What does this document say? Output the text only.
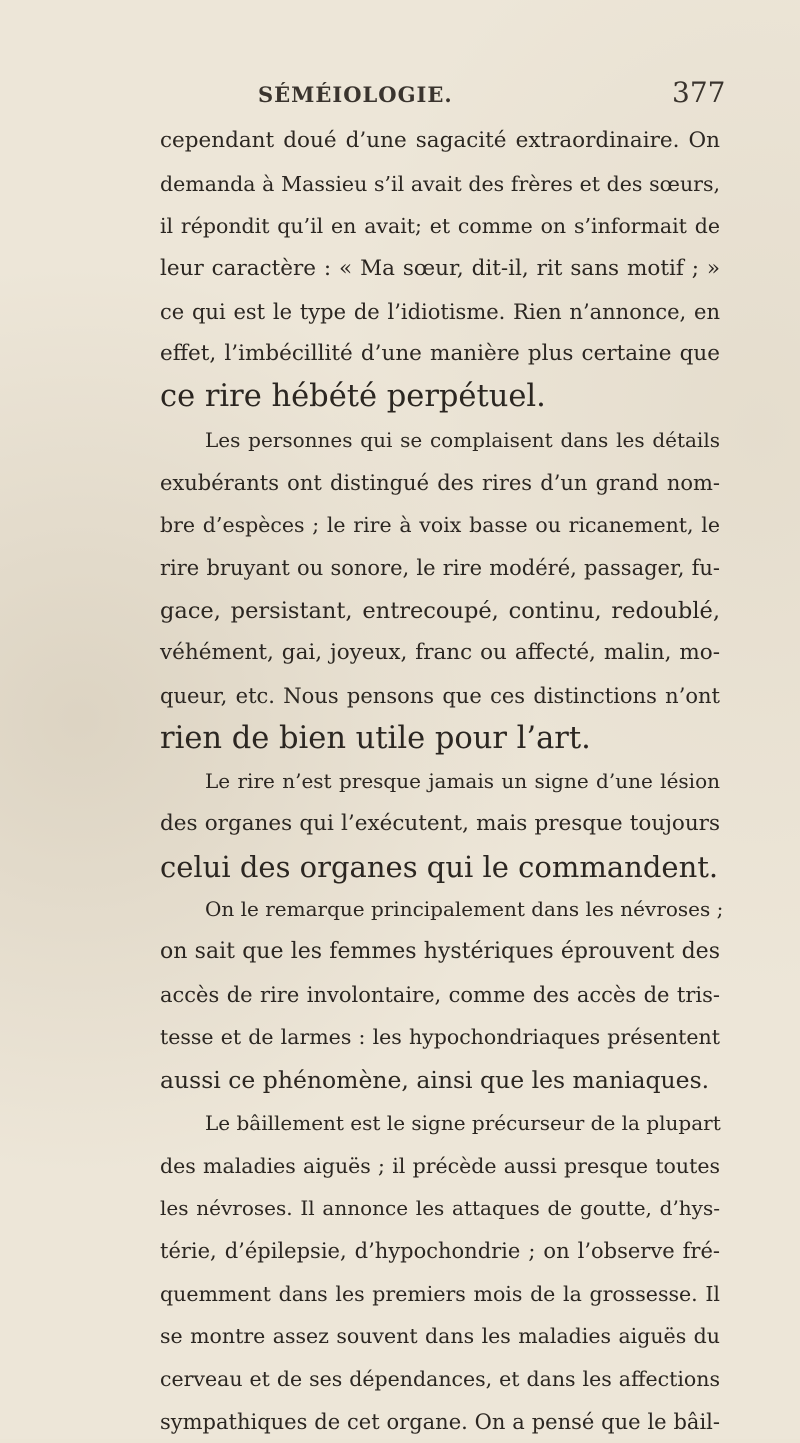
SÉMÉIOLOGIE.	377
cependant doué d’une sagacité extraordinaire. On
demanda à Massieu s’il avait des frères et des sœurs,
il répondit qu’il en avait; et comme on s’informait de
leur caractère : « Ma sœur, dit-il, rit sans motif ; »
ce qui est le type de l’idiotisme. Rien n’annonce, en
effet, l’imbécillité d’une manière plus certaine que
ce rire hébété perpétuel.
Les personnes qui se complaisent dans les détails
exubérants ont distingué des rires d’un grand nom-
bre d’espèces ; le rire à voix basse ou ricanement, le
rire bruyant ou sonore, le rire modéré, passager, fu-
gace, persistant, entrecoupé, continu, redoublé,
véhément, gai, joyeux, franc ou affecté, malin, mo-
queur, etc. Nous pensons que ces distinctions n’ont
rien de bien utile pour l’art.
Le rire n’est presque jamais un signe d’une lésion
des organes qui l’exécutent, mais presque toujours
celui des organes qui le commandent.
On le remarque principalement dans les névroses ;
on sait que les femmes hystériques éprouvent des
accès de rire involontaire, comme des accès de tris-
tesse et de larmes : les hypochondriaques présentent
aussi ce phénomène, ainsi que les maniaques.
Le bâillement est le signe précurseur de la plupart
des maladies aiguës ; il précède aussi presque toutes
les névroses. Il annonce les attaques de goutte, d’hys-
térie, d’épilepsie, d’hypochondrie ; on l’observe fré-
quemment dans les premiers mois de la grossesse. Il
se montre assez souvent dans les maladies aiguës du
cerveau et de ses dépendances, et dans les affections
sympathiques de cet organe. On a pensé que le bâil-
